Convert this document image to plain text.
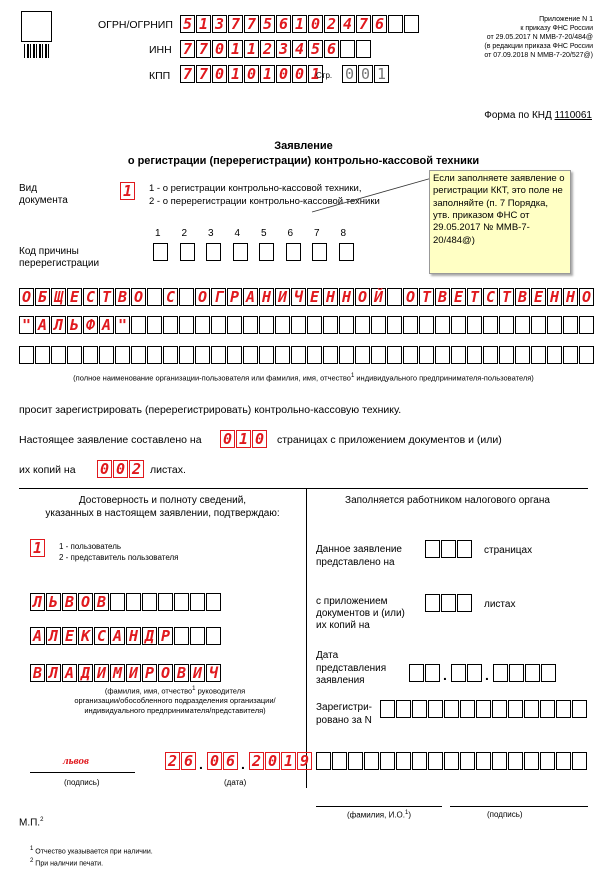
ОГРН/ОГРНИП 5 1 3 7 7 5 6 1 0 2 4 7 6
ИНН 7 7 0 1 1 2 3 4 5 6
КПП 7 7 0 1 0 1 0 0 1
Стр. 0 0 1
Приложение N 1
к приказу ФНС России
от 29.05.2017 N ММВ-7-20/484@
(в редакции приказа ФНС России
от 07.09.2018 N ММВ-7-20/527@)
Форма по КНД 1110061
Заявление
о регистрации (перерегистрации) контрольно-кассовой техники
Вид
документа	1	1 - о регистрации контрольно-кассовой техники,
2 - о перерегистрации контрольно-кассовой техники
Если заполняете заявление о регистрации ККТ, это поле не заполняйте (п. 7 Порядка, утв. приказом ФНС от 29.05.2017 № ММВ-7-20/484@)
Код причины
перерегистрации
1 2 3 4 5 6 7 8
О Б Щ Е С Т В О С О Г Р А Н И Ч Е Н Н О Й О Т В Е Т С Т В Е Н Н О
" А Л Ь Ф А "
(полное наименование организации-пользователя или фамилия, имя, отчество$^1$ индивидуального предпринимателя-пользователя)
просит зарегистрировать (перерегистрировать) контрольно-кассовую технику.
Настоящее заявление составлено на 0 1 0 страницах с приложением документов и (или)
их копий на 0 0 2 листах.
Достоверность и полноту сведений,
указанных в настоящем заявлении, подтверждаю:
1	1 - пользователь
2 - представитель пользователя
Л Ь В О В
А Л Е К С А Н Д Р
В Л А Д И М И Р О В И Ч
(фамилия, имя, отчество$^1$ руководителя
организации/обособленного подразделения организации/
индивидуального предпринимателя/представителя)
львов
(подпись)
2 6 . 0 6 . 2 0 1 9
(дата)
М.П.$^2$
Заполняется работником налогового органа
Данное заявление
представлено на
страницах
с приложением
документов и (или)
их копий на
листах
Дата
представления
заявления	.	.
Зарегистри-
ровано за N
(фамилия, И.О.$^1$)	(подпись)
$^1$ Отчество указывается при наличии.
$^2$ При наличии печати.
